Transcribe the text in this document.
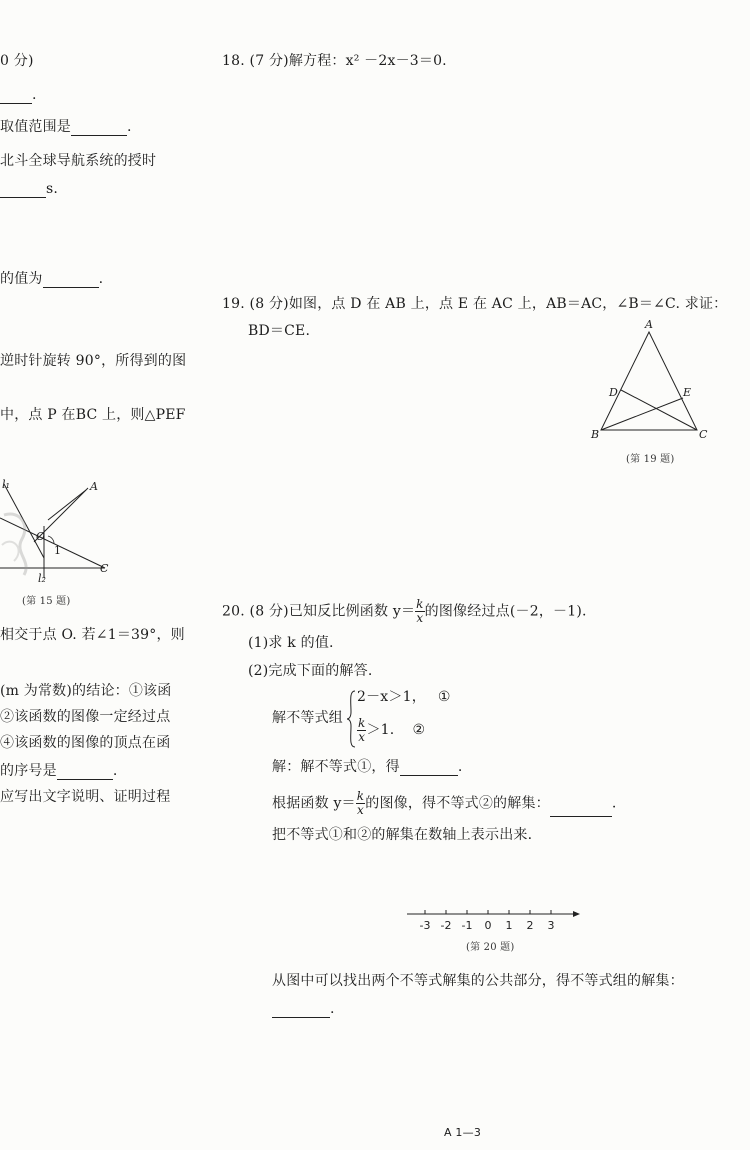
0 分)
.
取值范围是	.
北斗全球导航系统的授时
s.
的值为	.
逆时针旋转 90°，所得到的图
中，点 P 在BC 上，则△PEF
l₁	A
O
1
C
l₂
(第 15 题)
相交于点 O. 若∠1＝39°，则
(m 为常数)的结论：①该函
②该函数的图像一定经过点
④该函数的图像的顶点在函
的序号是	.
应写出文字说明、证明过程
18. (7 分)解方程：x² －2x－3＝0.
19. (8 分)如图，点 D 在 AB 上，点 E 在 AC 上，AB＝AC，∠B＝∠C. 求证：
BD＝CE.	A
D	E
B	C
(第 19 题)
20. (8 分)已知反比例函数 $y= \frac{k}{x}$ 的图像经过点(－2，－1).
(1)求 k 的值.
(2)完成下面的解答.
解不等式组
2－x＞1， ①
$\frac{k}{x} >1$. ②
解：解不等式①，得	.
根据函数 $y= \frac{k}{x}$ 的图像，得不等式②的解集：	.
把不等式①和②的解集在数轴上表示出来.
-3 -2 -1 0 1 2 3
(第 20 题)
从图中可以找出两个不等式解集的公共部分，得不等式组的解集：
.
A 1—3
